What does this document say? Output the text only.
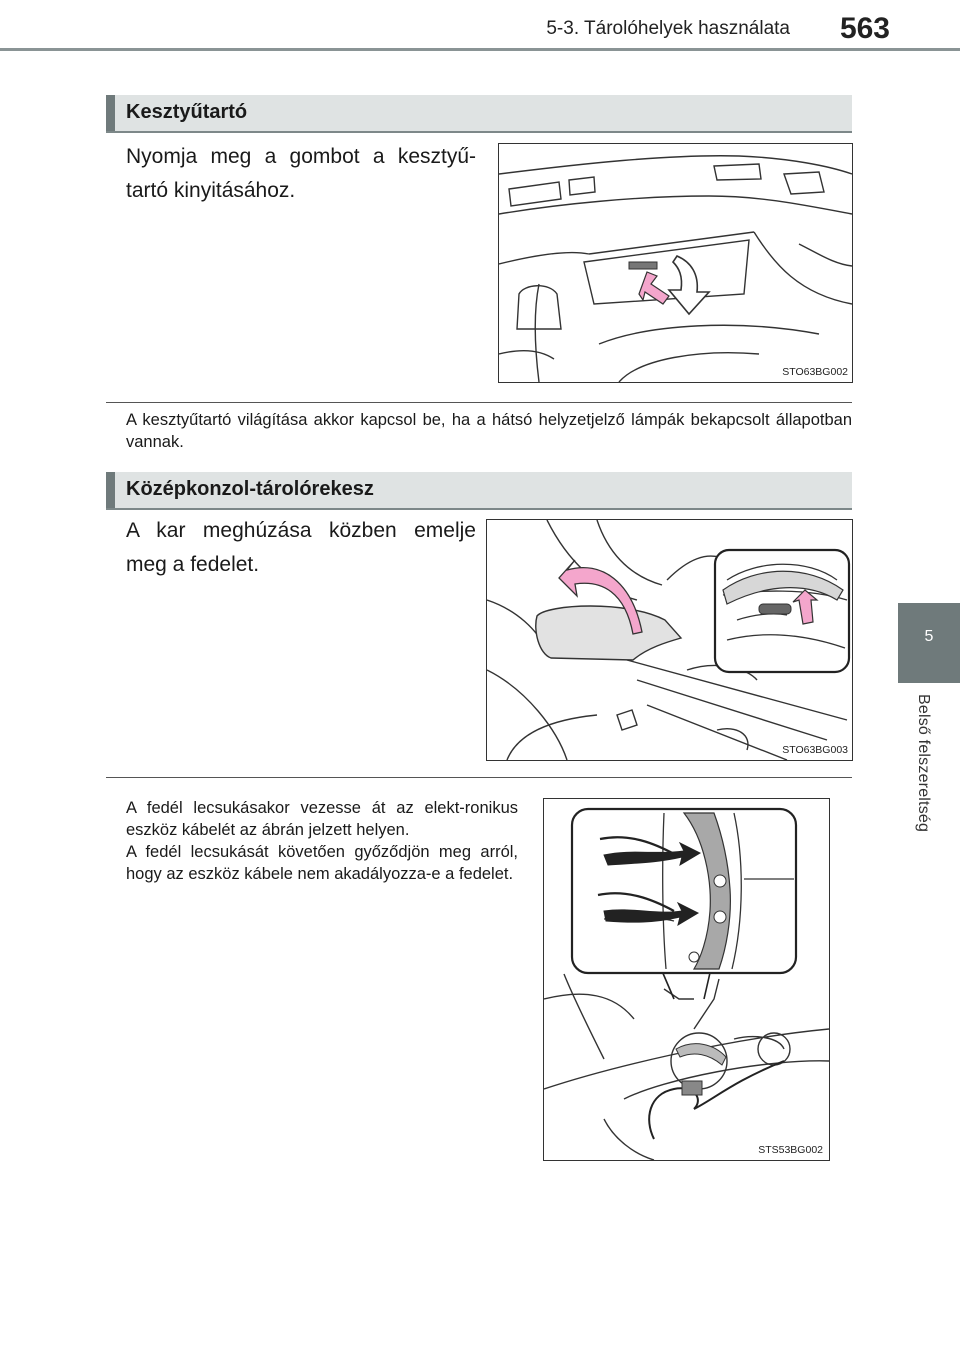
5-3. Tárolóhelyek használata	563
5
Belső felszereltség
Kesztyűtartó
Nyomja meg a gombot a kesztyű-tartó kinyitásához.
STO63BG002
A kesztyűtartó világítása akkor kapcsol be, ha a hátsó helyzetjelző lámpák bekapcsolt állapotban vannak.
Középkonzol-tárolórekesz
A kar meghúzása közben emelje meg a fedelet.
STO63BG003
A fedél lecsukásakor vezesse át az elekt-ronikus eszköz kábelét az ábrán jelzett helyen.
A fedél lecsukását követően győződjön meg arról, hogy az eszköz kábele nem akadályozza-e a fedelet.
STS53BG002
